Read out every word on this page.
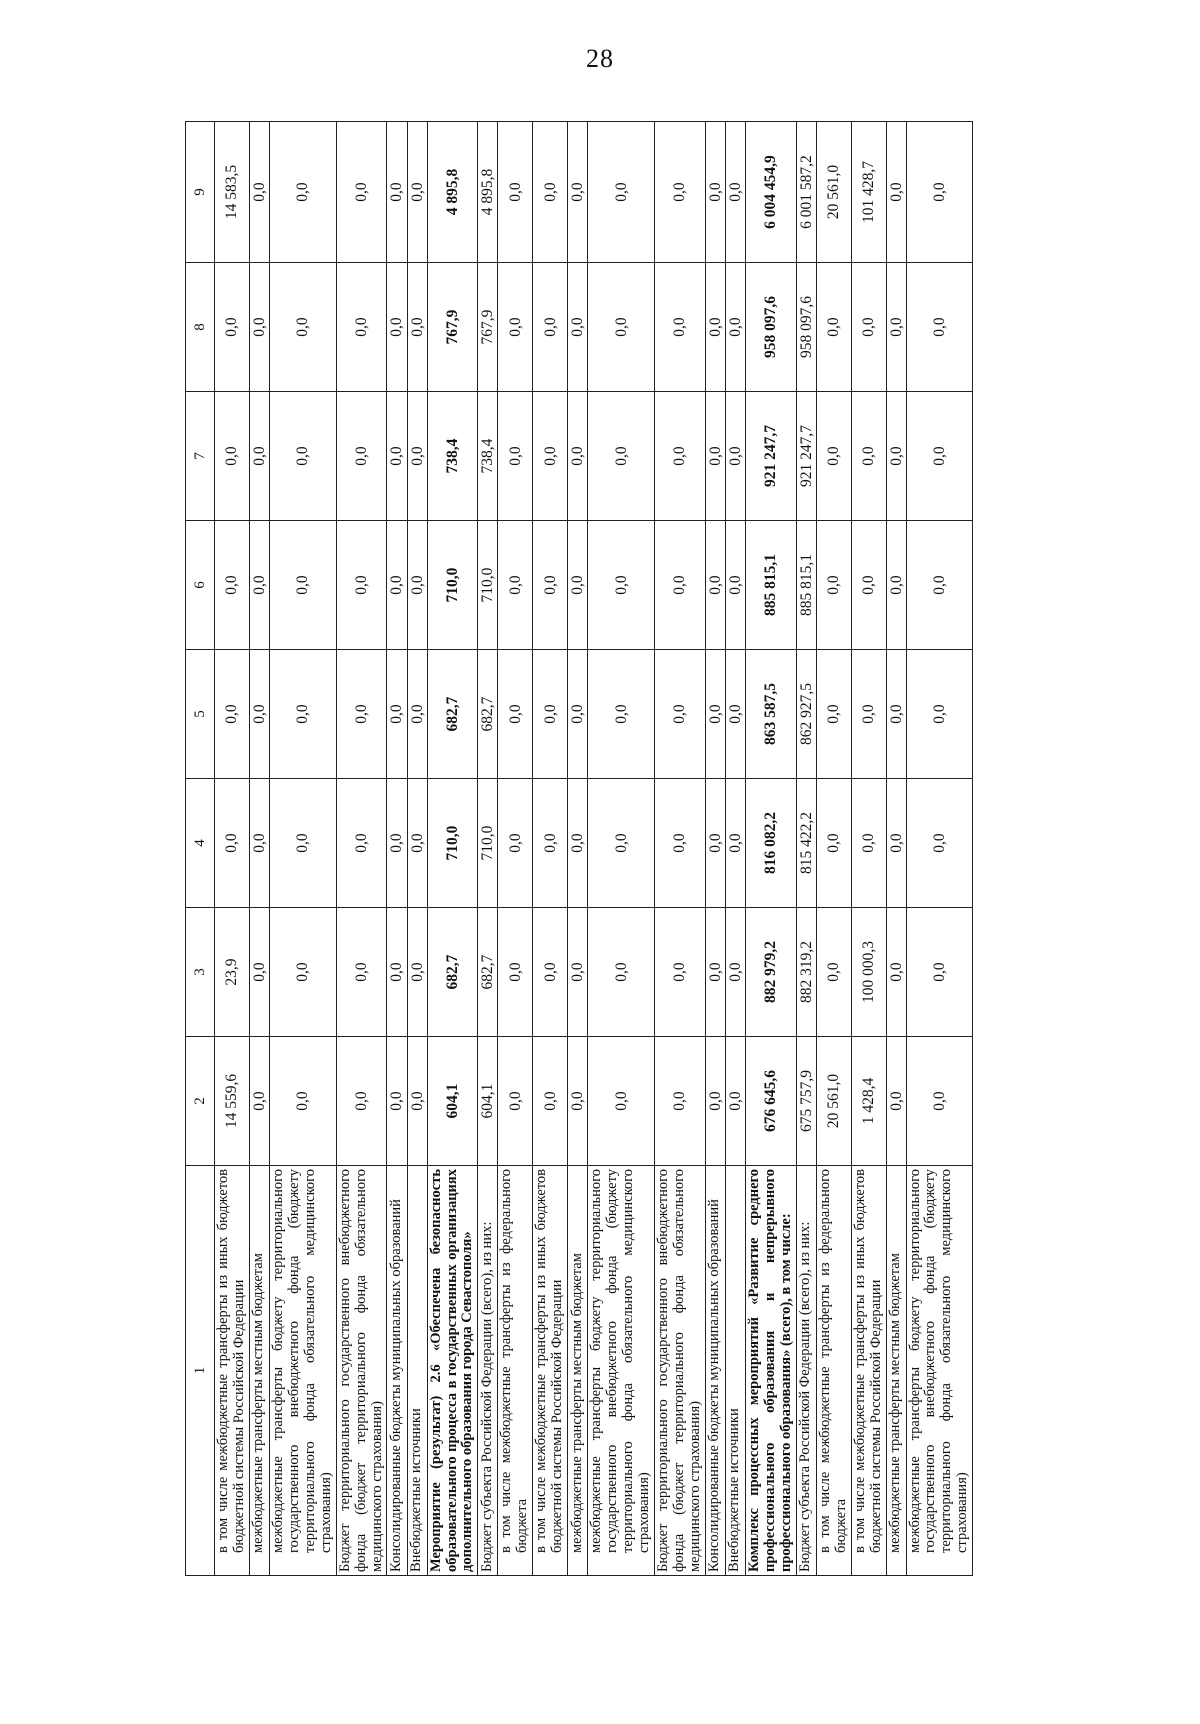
28
1	2	3	4	5	6	7	8	9
в том числе межбюджетные трансферты из иных бюджетов бюджетной системы Российской Федерации	14 559,6	23,9	0,0	0,0	0,0	0,0	0,0	14 583,5
межбюджетные трансферты местным бюджетам	0,0	0,0	0,0	0,0	0,0	0,0	0,0	0,0
межбюджетные трансферты бюджету территориального государственного внебюджетного фонда (бюджету территориального фонда обязательного медицинского страхования)	0,0	0,0	0,0	0,0	0,0	0,0	0,0	0,0
Бюджет территориального государственного внебюджетного фонда (бюджет территориального фонда обязательного медицинского страхования)	0,0	0,0	0,0	0,0	0,0	0,0	0,0	0,0
Консолидированные бюджеты муниципальных образований	0,0	0,0	0,0	0,0	0,0	0,0	0,0	0,0
Внебюджетные источники	0,0	0,0	0,0	0,0	0,0	0,0	0,0	0,0
Мероприятие (результат) 2.6 «Обеспечена безопасность образовательного процесса в государственных организациях дополнительного образования города Севастополя»	604,1	682,7	710,0	682,7	710,0	738,4	767,9	4 895,8
Бюджет субъекта Российской Федерации (всего), из них:	604,1	682,7	710,0	682,7	710,0	738,4	767,9	4 895,8
в том числе межбюджетные трансферты из федерального бюджета	0,0	0,0	0,0	0,0	0,0	0,0	0,0	0,0
в том числе межбюджетные трансферты из иных бюджетов бюджетной системы Российской Федерации	0,0	0,0	0,0	0,0	0,0	0,0	0,0	0,0
межбюджетные трансферты местным бюджетам	0,0	0,0	0,0	0,0	0,0	0,0	0,0	0,0
межбюджетные трансферты бюджету территориального государственного внебюджетного фонда (бюджету территориального фонда обязательного медицинского страхования)	0,0	0,0	0,0	0,0	0,0	0,0	0,0	0,0
Бюджет территориального государственного внебюджетного фонда (бюджет территориального фонда обязательного медицинского страхования)	0,0	0,0	0,0	0,0	0,0	0,0	0,0	0,0
Консолидированные бюджеты муниципальных образований	0,0	0,0	0,0	0,0	0,0	0,0	0,0	0,0
Внебюджетные источники	0,0	0,0	0,0	0,0	0,0	0,0	0,0	0,0
Комплекс процессных мероприятий «Развитие среднего профессионального образования и непрерывного профессионального образования» (всего), в том числе:	676 645,6	882 979,2	816 082,2	863 587,5	885 815,1	921 247,7	958 097,6	6 004 454,9
Бюджет субъекта Российской Федерации (всего), из них:	675 757,9	882 319,2	815 422,2	862 927,5	885 815,1	921 247,7	958 097,6	6 001 587,2
в том числе межбюджетные трансферты из федерального бюджета	20 561,0	0,0	0,0	0,0	0,0	0,0	0,0	20 561,0
в том числе межбюджетные трансферты из иных бюджетов бюджетной системы Российской Федерации	1 428,4	100 000,3	0,0	0,0	0,0	0,0	0,0	101 428,7
межбюджетные трансферты местным бюджетам	0,0	0,0	0,0	0,0	0,0	0,0	0,0	0,0
межбюджетные трансферты бюджету территориального государственного внебюджетного фонда (бюджету территориального фонда обязательного медицинского страхования)	0,0	0,0	0,0	0,0	0,0	0,0	0,0	0,0
